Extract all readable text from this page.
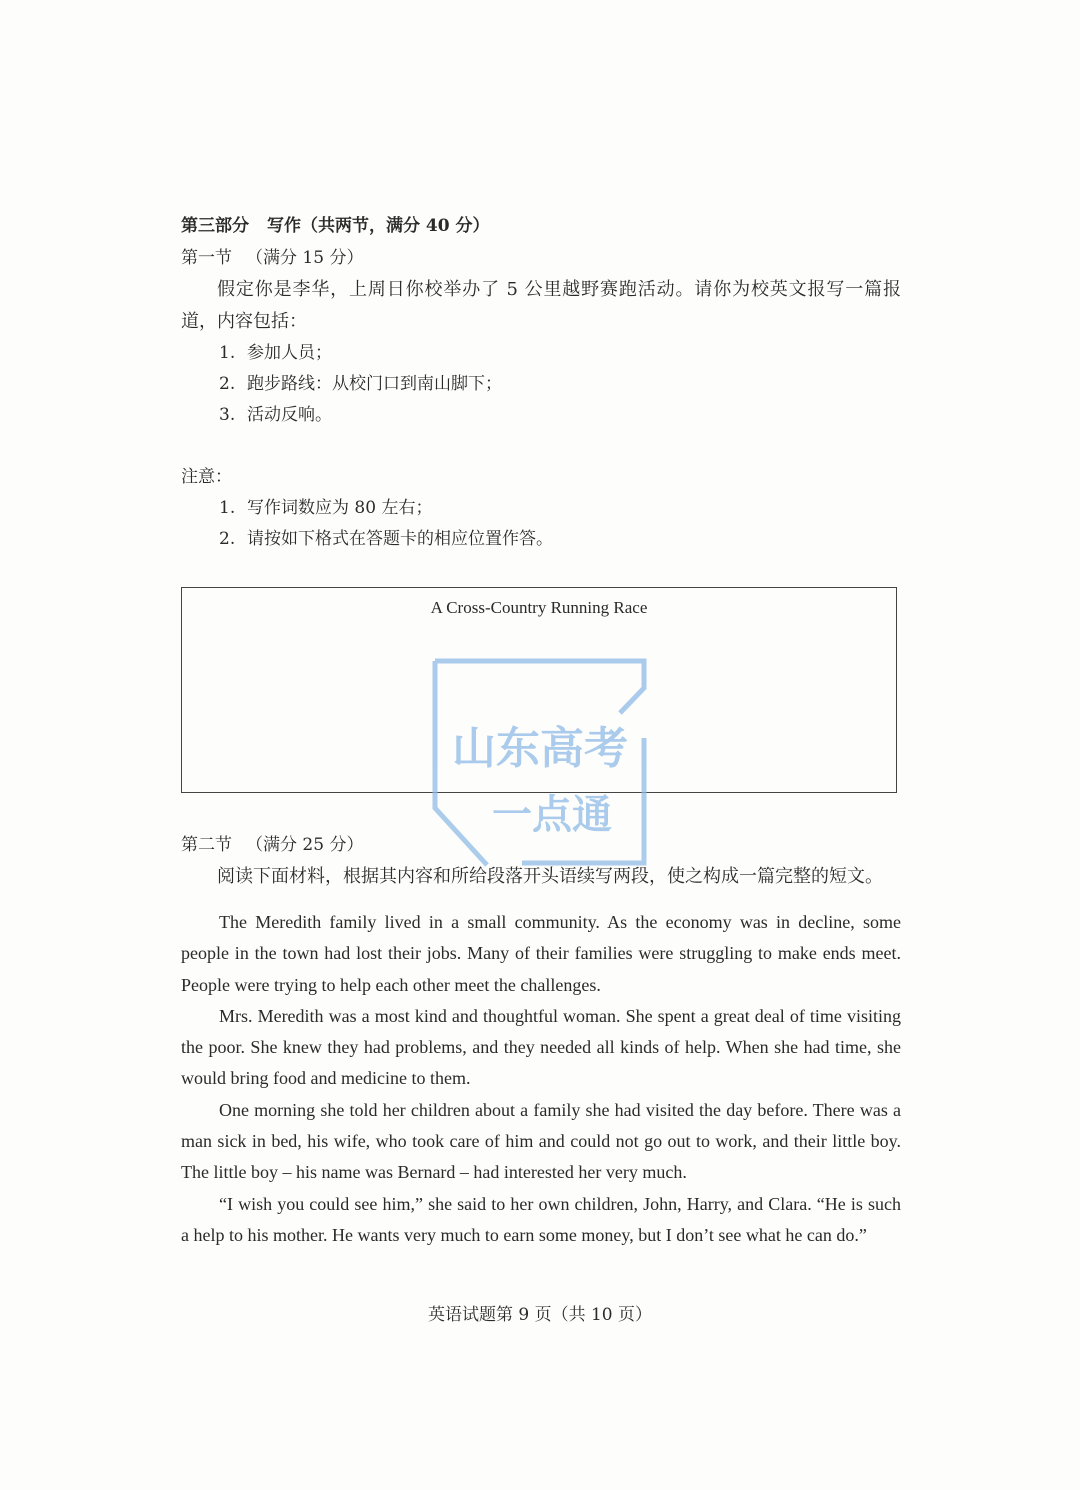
第三部分 写作（共两节，满分 40 分）

第一节 （满分 15 分）

假定你是李华，上周日你校举办了 5 公里越野赛跑活动。请你为校英文报写一篇报道，内容包括：

1. 参加人员；
2. 跑步路线：从校门口到南山脚下；
3. 活动反响。

注意：

1. 写作词数应为 80 左右；
2. 请按如下格式在答题卡的相应位置作答。
A Cross-Country Running Race
山东高考
一点通

第二节 （满分 25 分）

阅读下面材料，根据其内容和所给段落开头语续写两段，使之构成一篇完整的短文。

The Meredith family lived in a small community. As the economy was in decline, some people in the town had lost their jobs. Many of their families were struggling to make ends meet. People were trying to help each other meet the challenges.

Mrs. Meredith was a most kind and thoughtful woman. She spent a great deal of time visiting the poor. She knew they had problems, and they needed all kinds of help. When she had time, she would bring food and medicine to them.

One morning she told her children about a family she had visited the day before. There was a man sick in bed, his wife, who took care of him and could not go out to work, and their little boy. The little boy – his name was Bernard – had interested her very much.

“I wish you could see him,” she said to her own children, John, Harry, and Clara. “He is such a help to his mother. He wants very much to earn some money, but I don’t see what he can do.”

英语试题第 9 页（共 10 页）
